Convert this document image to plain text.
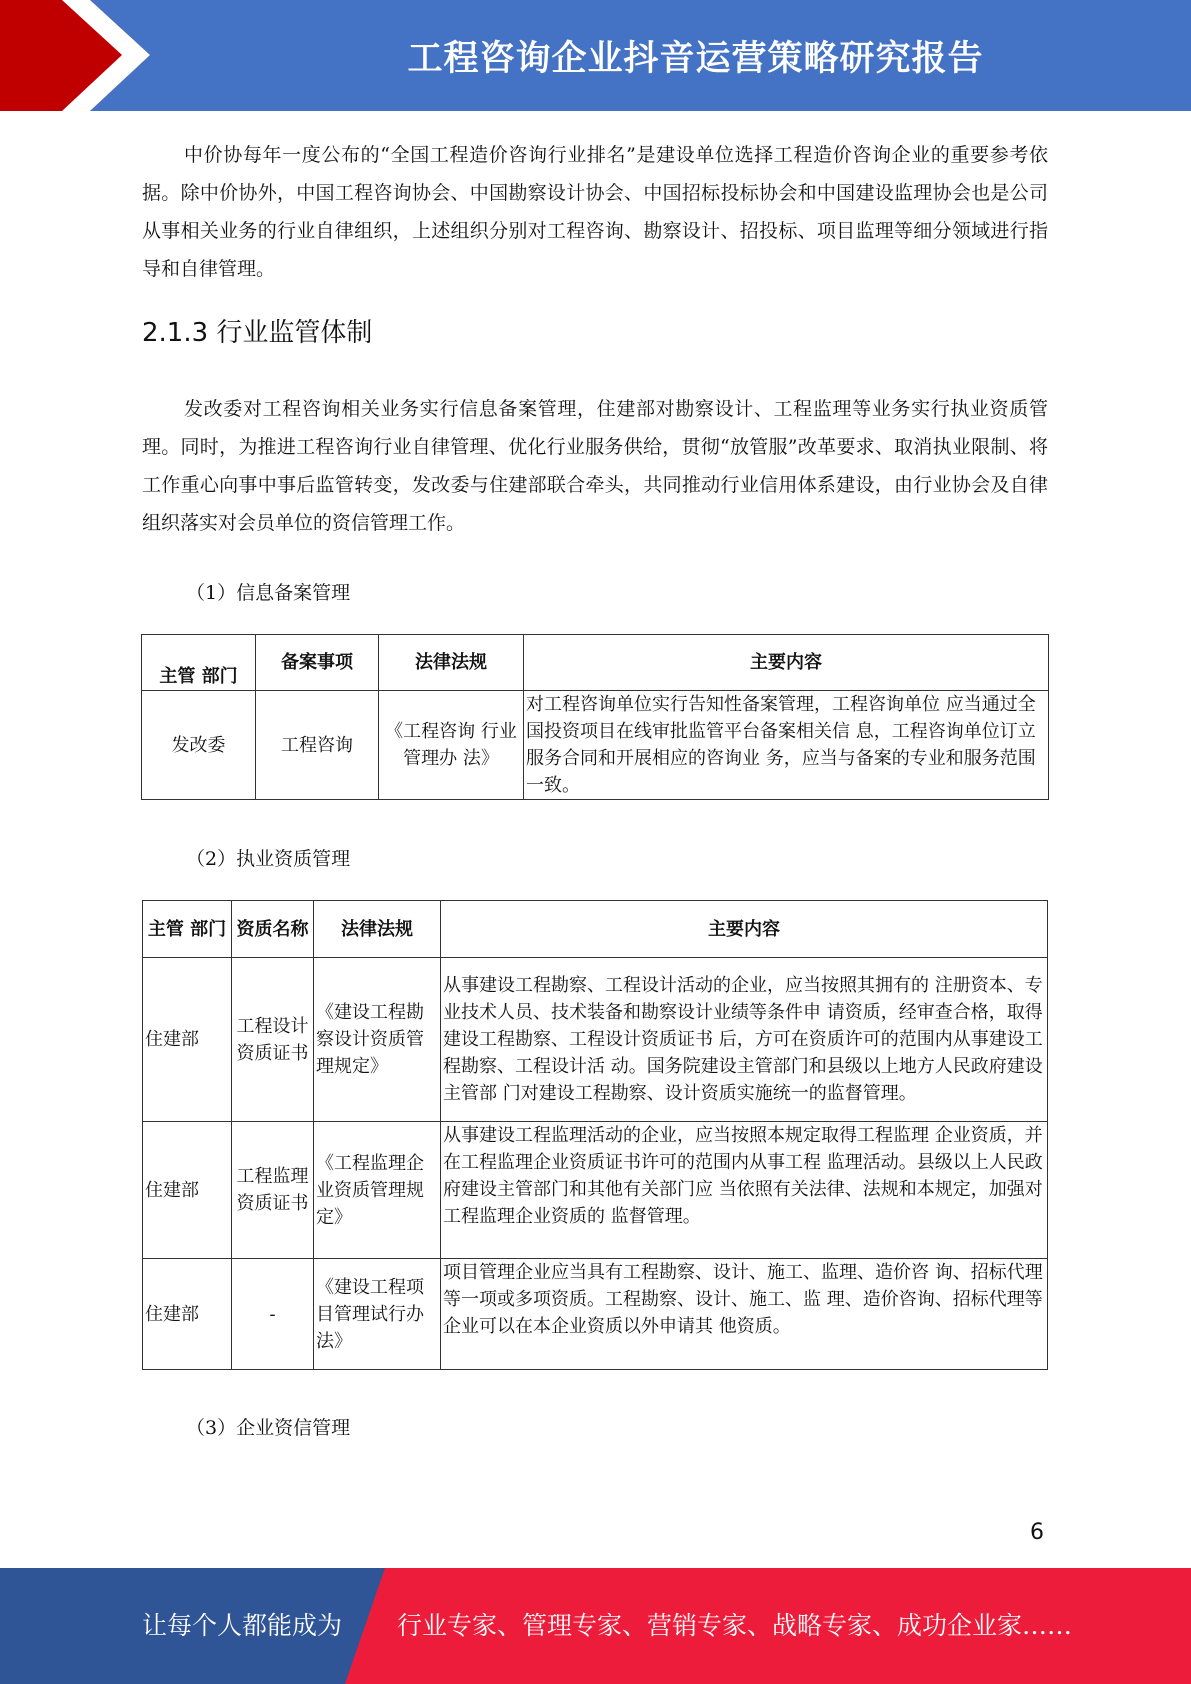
工程咨询企业抖音运营策略研究报告
中价协每年一度公布的“全国工程造价咨询行业排名”是建设单位选择工程造价咨询企业的重要参考依据。除中价协外，中国工程咨询协会、中国勘察设计协会、中国招标投标协会和中国建设监理协会也是公司从事相关业务的行业自律组织，上述组织分别对工程咨询、勘察设计、招投标、项目监理等细分领域进行指导和自律管理。
2.1.3 行业监管体制
发改委对工程咨询相关业务实行信息备案管理，住建部对勘察设计、工程监理等业务实行执业资质管理。同时，为推进工程咨询行业自律管理、优化行业服务供给，贯彻“放管服”改革要求、取消执业限制、将工作重心向事中事后监管转变，发改委与住建部联合牵头，共同推动行业信用体系建设，由行业协会及自律组织落实对会员单位的资信管理工作。
（1）信息备案管理
主管 部门	备案事项	法律法规	主要内容
发改委	工程咨询	《工程咨询 行业管理办 法》	对工程咨询单位实行告知性备案管理，工程咨询单位 应当通过全国投资项目在线审批监管平台备案相关信 息，工程咨询单位订立服务合同和开展相应的咨询业 务，应当与备案的专业和服务范围一致。
（2）执业资质管理
主管 部门	资质名称	法律法规	主要内容
住建部	工程设计资质证书	《建设工程勘察设计资质管理规定》	从事建设工程勘察、工程设计活动的企业，应当按照其拥有的 注册资本、专业技术人员、技术装备和勘察设计业绩等条件申 请资质，经审查合格，取得建设工程勘察、工程设计资质证书 后，方可在资质许可的范围内从事建设工程勘察、工程设计活 动。国务院建设主管部门和县级以上地方人民政府建设主管部 门对建设工程勘察、设计资质实施统一的监督管理。
住建部	工程监理资质证书	《工程监理企业资质管理规定》	从事建设工程监理活动的企业，应当按照本规定取得工程监理 企业资质，并在工程监理企业资质证书许可的范围内从事工程 监理活动。县级以上人民政府建设主管部门和其他有关部门应 当依照有关法律、法规和本规定，加强对工程监理企业资质的 监督管理。
住建部	-	《建设工程项目管理试行办法》	项目管理企业应当具有工程勘察、设计、施工、监理、造价咨 询、招标代理等一项或多项资质。工程勘察、设计、施工、监 理、造价咨询、招标代理等企业可以在本企业资质以外申请其 他资质。
（3）企业资信管理
6
让每个人都能成为 行业专家、管理专家、营销专家、战略专家、成功企业家……
